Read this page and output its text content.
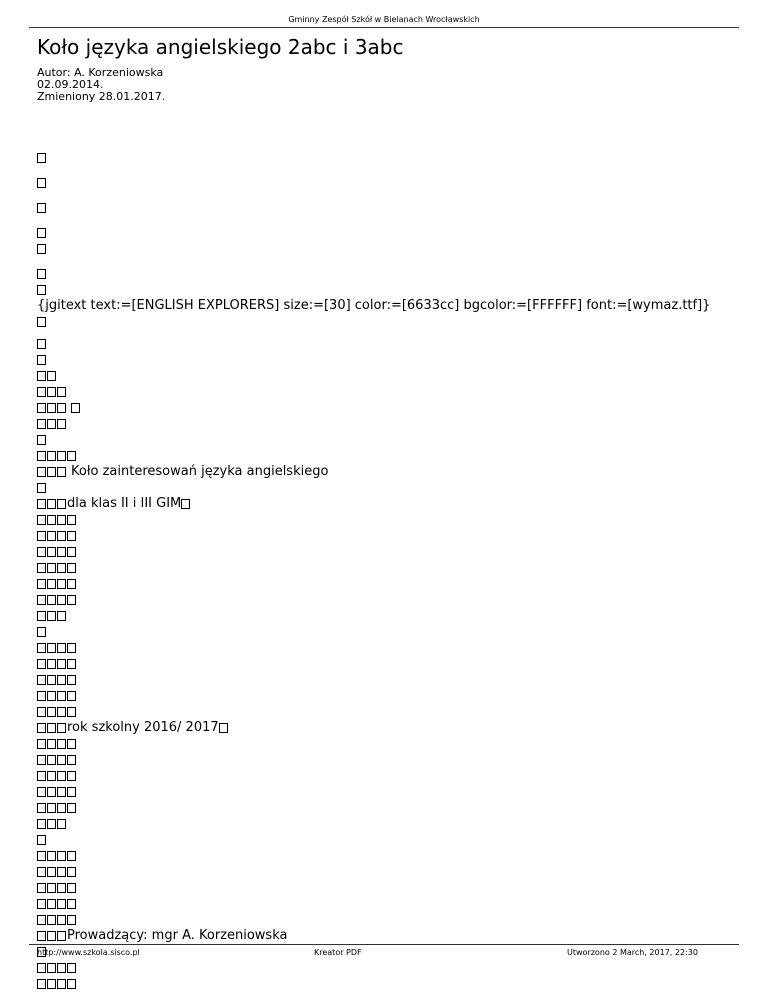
Gminny Zespół Szkół w Bielanach Wrocławskich
Koło języka angielskiego 2abc i 3abc
Autor: A. Korzeniowska
02.09.2014.
Zmieniony 28.01.2017.
{jgitext text:=[ENGLISH EXPLORERS] size:=[30] color:=[6633cc] bgcolor:=[FFFFFF] font:=[wymaz.ttf]}
Koło zainteresowań języka angielskiego
dla klas II i III GIM
rok szkolny 2016/ 2017
Prowadzący: mgr A. Korzeniowska
http://www.szkola.sisco.pl	Kreator PDF	Utworzono 2 March, 2017, 22:30
